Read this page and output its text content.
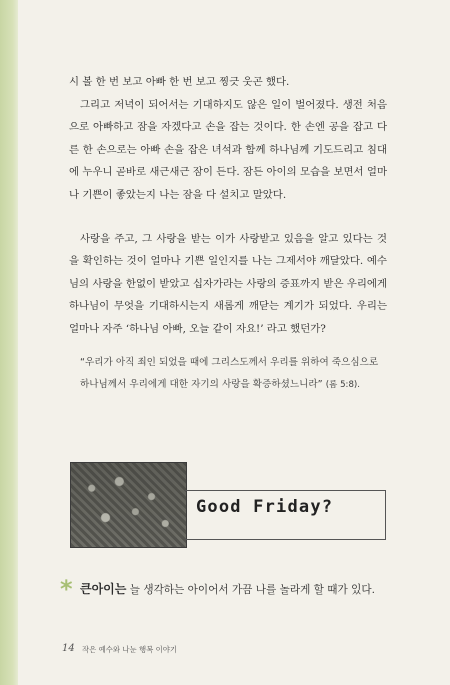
시 볼 한 번 보고 아빠 한 번 보고 찡긋 웃곤 했다.

그리고 저녁이 되어서는 기대하지도 않은 일이 벌어졌다. 생전 처음으로 아빠하고 잠을 자겠다고 손을 잡는 것이다. 한 손엔 공을 잡고 다른 한 손으로는 아빠 손을 잡은 녀석과 함께 하나님께 기도드리고 침대에 누우니 곧바로 새근새근 잠이 든다. 잠든 아이의 모습을 보면서 얼마나 기쁜이 좋았는지 나는 잠을 다 설치고 말았다.

사랑을 주고, 그 사랑을 받는 이가 사랑받고 있음을 알고 있다는 것을 확인하는 것이 얼마나 기쁜 일인지를 나는 그제서야 깨달았다. 예수님의 사랑을 한없이 받았고 십자가라는 사랑의 증표까지 받은 우리에게 하나님이 무엇을 기대하시는지 새롭게 깨닫는 계기가 되었다. 우리는 얼마나 자주 ‘하나님 아빠, 오늘 같이 자요!’ 라고 했던가?

“우리가 아직 죄인 되었을 때에 그리스도께서 우리를 위하여 죽으심으로 하나님께서 우리에게 대한 자기의 사랑을 확증하셨느니라” (롬 5:8).

Good Friday?

* 큰아이는 늘 생각하는 아이어서 가끔 나를 놀라게 할 때가 있다.

14 작은 예수와 나눈 행복 이야기
